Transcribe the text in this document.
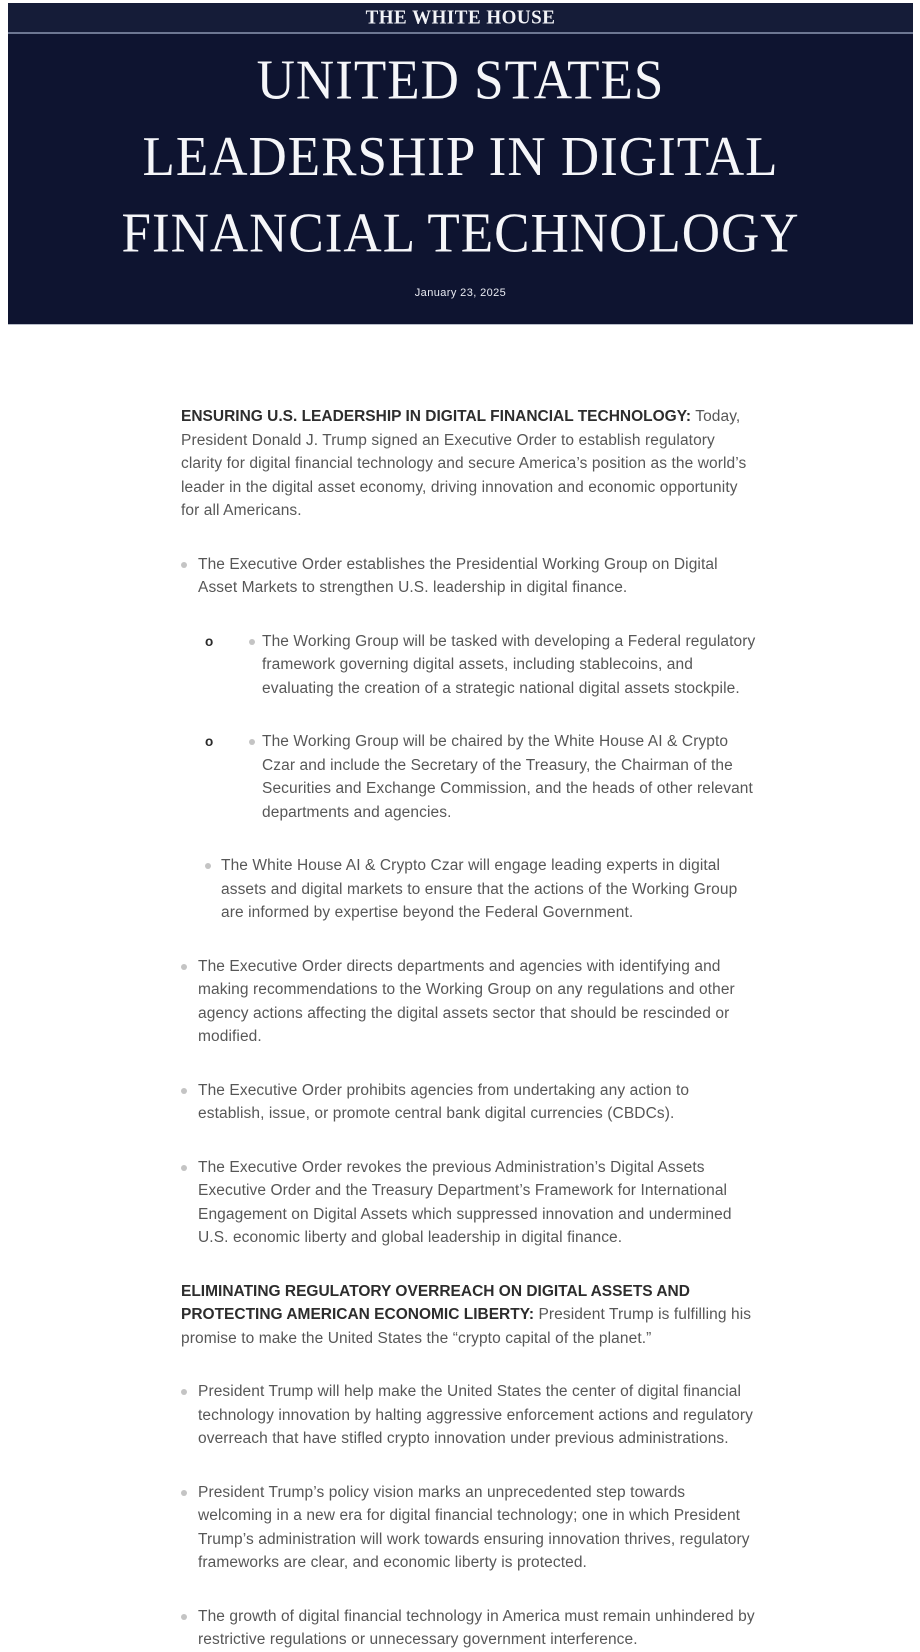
THE WHITE HOUSE
UNITED STATES
LEADERSHIP IN DIGITAL
FINANCIAL TECHNOLOGY
January 23, 2025

ENSURING U.S. LEADERSHIP IN DIGITAL FINANCIAL TECHNOLOGY: Today, President Donald J. Trump signed an Executive Order to establish regulatory clarity for digital financial technology and secure America’s position as the world’s leader in the digital asset economy, driving innovation and economic opportunity for all Americans.

The Executive Order establishes the Presidential Working Group on Digital Asset Markets to strengthen U.S. leadership in digital finance.
o	The Working Group will be tasked with developing a Federal regulatory framework governing digital assets, including stablecoins, and evaluating the creation of a strategic national digital assets stockpile.
o	The Working Group will be chaired by the White House AI & Crypto Czar and include the Secretary of the Treasury, the Chairman of the Securities and Exchange Commission, and the heads of other relevant departments and agencies.
The White House AI & Crypto Czar will engage leading experts in digital assets and digital markets to ensure that the actions of the Working Group are informed by expertise beyond the Federal Government.
The Executive Order directs departments and agencies with identifying and making recommendations to the Working Group on any regulations and other agency actions affecting the digital assets sector that should be rescinded or modified.
The Executive Order prohibits agencies from undertaking any action to establish, issue, or promote central bank digital currencies (CBDCs).
The Executive Order revokes the previous Administration’s Digital Assets Executive Order and the Treasury Department’s Framework for International Engagement on Digital Assets which suppressed innovation and undermined U.S. economic liberty and global leadership in digital finance.

ELIMINATING REGULATORY OVERREACH ON DIGITAL ASSETS AND PROTECTING AMERICAN ECONOMIC LIBERTY: President Trump is fulfilling his promise to make the United States the “crypto capital of the planet.”

President Trump will help make the United States the center of digital financial technology innovation by halting aggressive enforcement actions and regulatory overreach that have stifled crypto innovation under previous administrations.
President Trump’s policy vision marks an unprecedented step towards welcoming in a new era for digital financial technology; one in which President Trump’s administration will work towards ensuring innovation thrives, regulatory frameworks are clear, and economic liberty is protected.
The growth of digital financial technology in America must remain unhindered by restrictive regulations or unnecessary government interference.
